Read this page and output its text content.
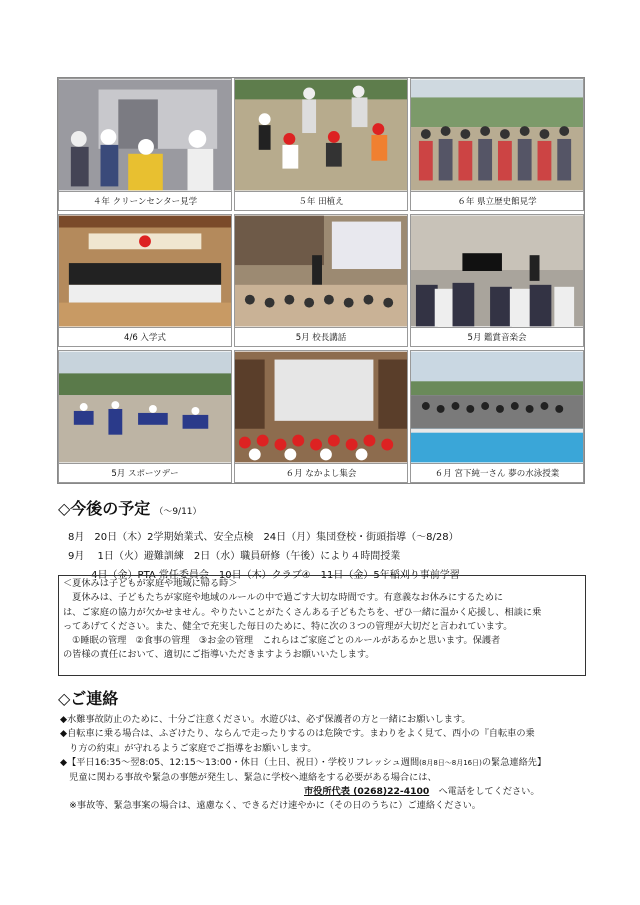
４年 クリーンセンター見学	５年 田植え	６年 県立歴史館見学
4/6 入学式	5月 校長講話	5月 鑑賞音楽会
5月 スポーツデー	６月 なかよし集会	６月 宮下純一さん 夢の水泳授業
◇今後の予定 （～9/11）
8月　20日（木）2学期始業式、安全点検　24日（月）集団登校・街頭指導（～8/28）
9月　 1日（火）避難訓練　2日（水）職員研修（午後）により４時間授業
　　 4日（金）PTA 常任委員会　10日（木）クラブ④　11日（金）5年稲刈り事前学習

＜夏休みは子どもが家庭や地域に帰る時＞

　夏休みは、子どもたちが家庭や地域のルールの中で過ごす大切な時間です。有意義なお休みにするために

は、ご家庭の協力が欠かせません。やりたいことがたくさんある子どもたちを、ぜひ一緒に温かく応援し、相談に乗

ってあげてください。また、健全で充実した毎日のために、特に次の３つの管理が大切だと言われています。

　①睡眠の管理　②食事の管理　③お金の管理　これらはご家庭ごとのルールがあるかと思います。保護者

の皆様の責任において、適切にご指導いただきますようお願いいたします。

◇ご連絡

◆水難事故防止のために、十分ご注意ください。水遊びは、必ず保護者の方と一緒にお願いします。

◆自転車に乗る場合は、ふざけたり、ならんで走ったりするのは危険です。まわりをよく見て、西小の『自転車の乗

　り方の約束』が守れるようご家庭でご指導をお願いします。

◆【平日16:35～翌8:05、12:15～13:00・休日（土日、祝日）・学校リフレッシュ週間(8月8日～8月16日)の緊急連絡先】

　児童に関わる事故や緊急の事態が発生し、緊急に学校へ連絡をする必要がある場合には、

市役所代表 (0268)22-4100　へ電話をしてください。

　※事故等、緊急事案の場合は、遠慮なく、できるだけ速やかに（その日のうちに）ご連絡ください。
